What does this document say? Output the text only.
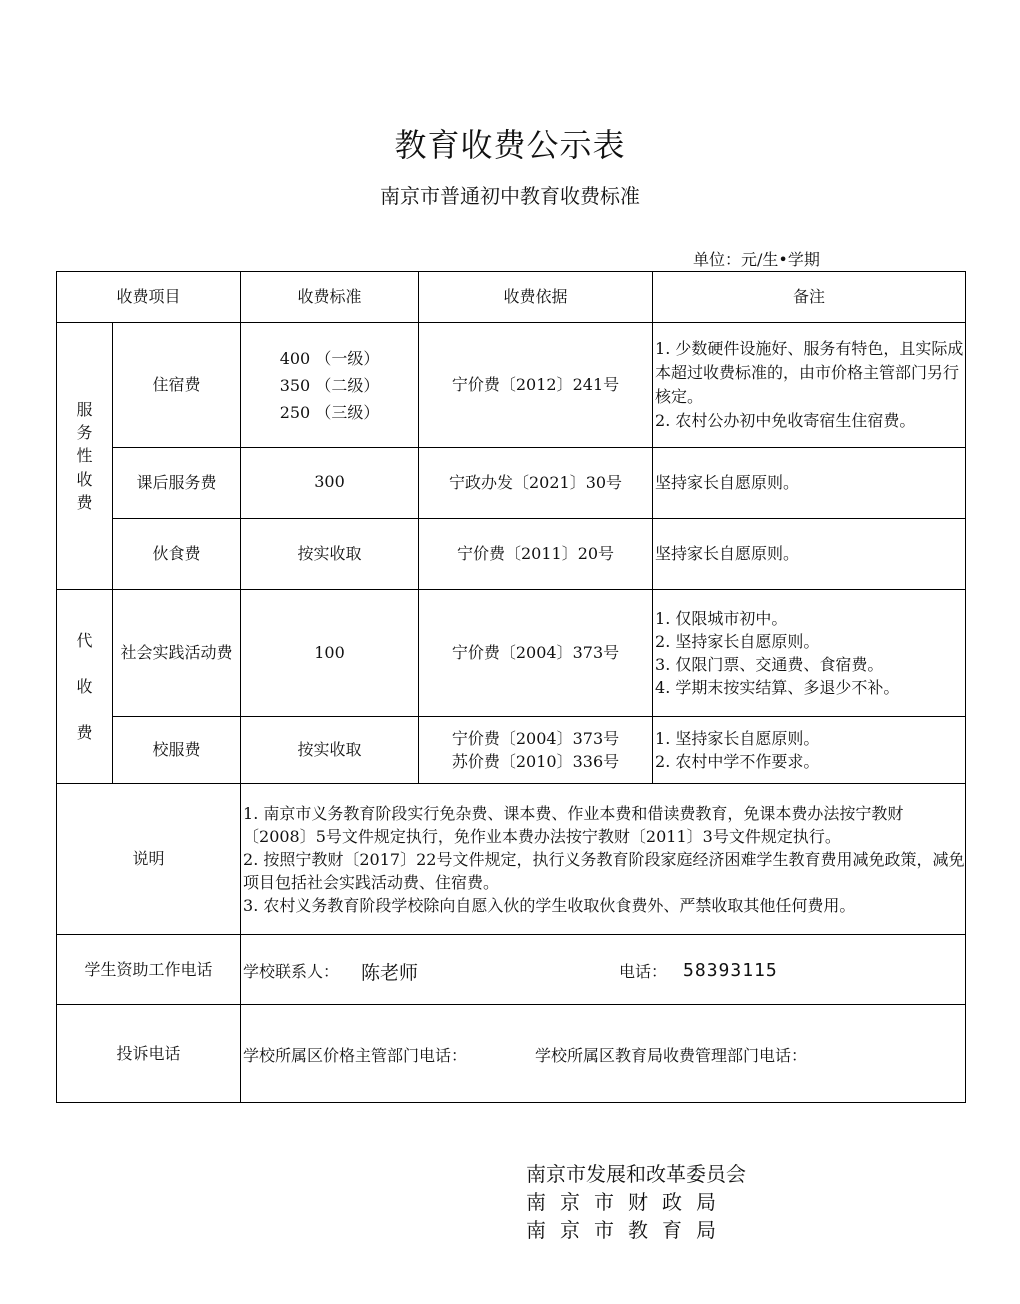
教育收费公示表
南京市普通初中教育收费标准
单位：元/生•学期
收费项目		收费标准	收费依据	备注

服
务
性
收
费	住宿费	400 （一级）
350 （二级）
250 （三级）	宁价费〔2012〕241号	1. 少数硬件设施好、服务有特色，且实际成本超过收费标准的，由市价格主管部门另行核定。
2. 农村公办初中免收寄宿生住宿费。

	课后服务费	300	宁政办发〔2021〕30号	坚持家长自愿原则。

	伙食费	按实收取	宁价费〔2011〕20号	坚持家长自愿原则。

代
收
费	社会实践活动费	100	宁价费〔2004〕373号	1. 仅限城市初中。
2. 坚持家长自愿原则。
3. 仅限门票、交通费、食宿费。
4. 学期末按实结算、多退少不补。

	校服费	按实收取	宁价费〔2004〕373号
苏价费〔2010〕336号	1. 坚持家长自愿原则。
2. 农村中学不作要求。

说明		1. 南京市义务教育阶段实行免杂费、课本费、作业本费和借读费教育，免课本费办法按宁教财〔2008〕5号文件规定执行，免作业本费办法按宁教财〔2011〕3号文件规定执行。
2. 按照宁教财〔2017〕22号文件规定，执行义务教育阶段家庭经济困难学生教育费用减免政策，减免项目包括社会实践活动费、住宿费。
3. 农村义务教育阶段学校除向自愿入伙的学生收取伙食费外、严禁收取其他任何费用。		

学生资助工作电话		学校联系人： 陈老师 电话： 58393115		

投诉电话		学校所属区价格主管部门电话： 学校所属区教育局收费管理部门电话：		
南京市发展和改革委员会
南京市财政局
南京市教育局
